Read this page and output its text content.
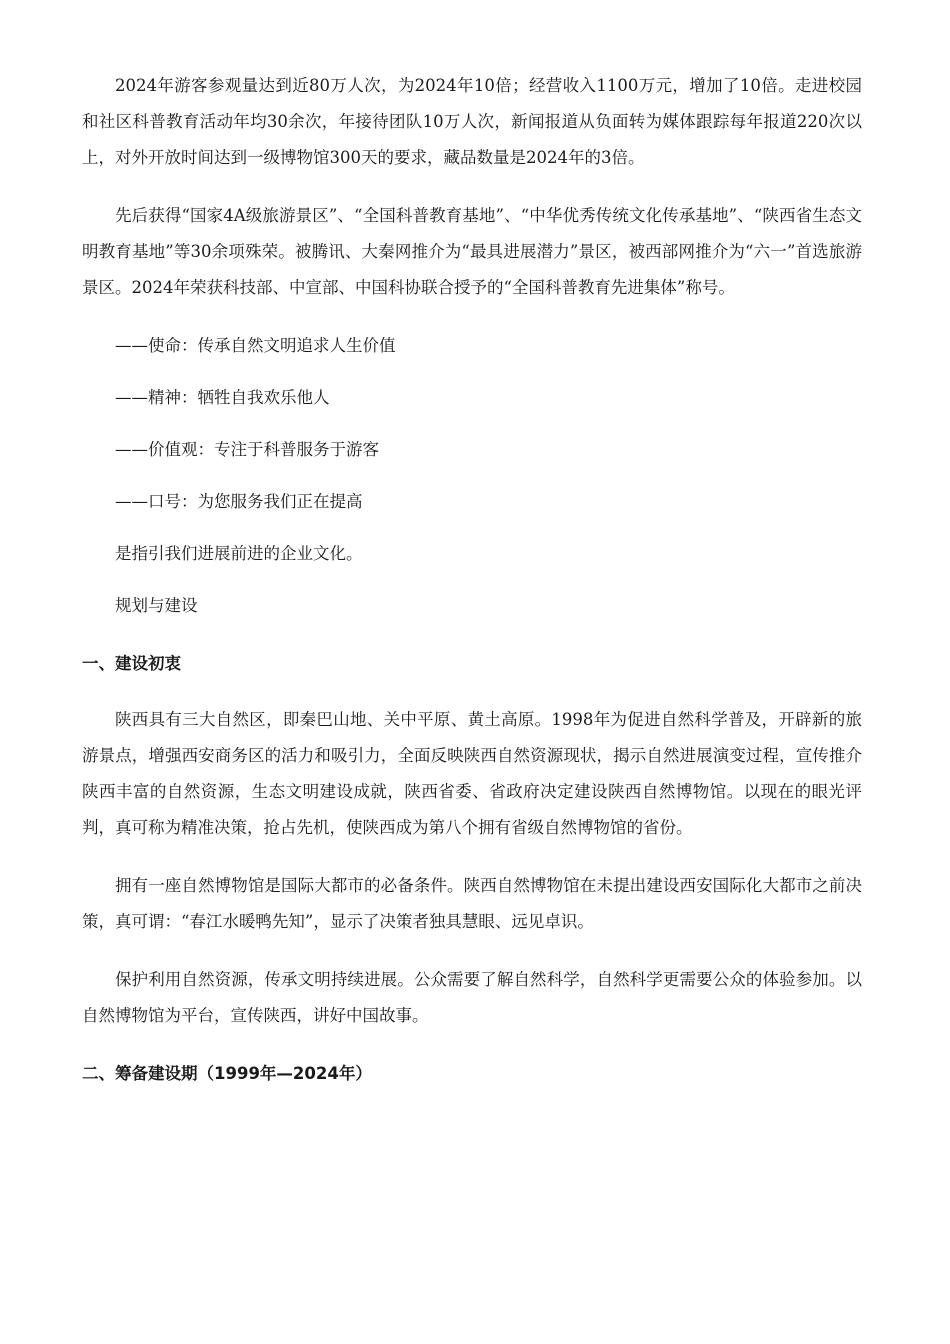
2024年游客参观量达到近80万人次，为2024年10倍；经营收入1100万元，增加了10倍。走进校园和社区科普教育活动年均30余次，年接待团队10万人次，新闻报道从负面转为媒体跟踪每年报道220次以上，对外开放时间达到一级博物馆300天的要求，藏品数量是2024年的3倍。

先后获得“国家4A级旅游景区”、“全国科普教育基地”、“中华优秀传统文化传承基地”、“陕西省生态文明教育基地”等30余项殊荣。被腾讯、大秦网推介为“最具进展潜力”景区，被西部网推介为“六一”首选旅游景区。2024年荣获科技部、中宣部、中国科协联合授予的“全国科普教育先进集体”称号。

——使命：传承自然文明追求人生价值

——精神：牺牲自我欢乐他人

——价值观：专注于科普服务于游客

——口号：为您服务我们正在提高

是指引我们进展前进的企业文化。

规划与建设

一、建设初衷

陕西具有三大自然区，即秦巴山地、关中平原、黄土高原。1998年为促进自然科学普及，开辟新的旅游景点，增强西安商务区的活力和吸引力，全面反映陕西自然资源现状，揭示自然进展演变过程，宣传推介陕西丰富的自然资源，生态文明建设成就，陕西省委、省政府决定建设陕西自然博物馆。以现在的眼光评判，真可称为精准决策，抢占先机，使陕西成为第八个拥有省级自然博物馆的省份。

拥有一座自然博物馆是国际大都市的必备条件。陕西自然博物馆在未提出建设西安国际化大都市之前决策，真可谓：“春江水暖鸭先知”，显示了决策者独具慧眼、远见卓识。

保护利用自然资源，传承文明持续进展。公众需要了解自然科学，自然科学更需要公众的体验参加。以自然博物馆为平台，宣传陕西，讲好中国故事。

二、筹备建设期（1999年—2024年）
